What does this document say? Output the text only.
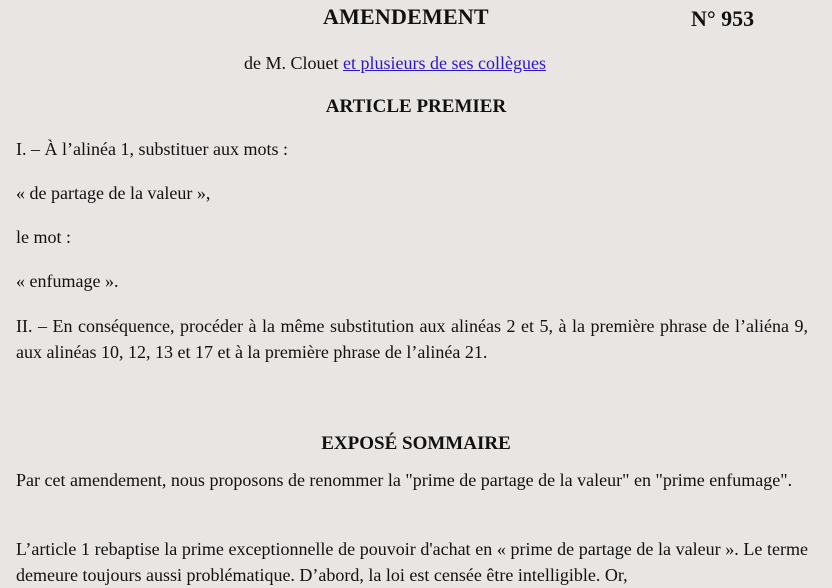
AMENDEMENT	N° 953
de M. Clouet et plusieurs de ses collègues
ARTICLE PREMIER
I. – À l’alinéa 1, substituer aux mots :
« de partage de la valeur »,
le mot :
« enfumage ».
II. – En conséquence, procéder à la même substitution aux alinéas 2 et 5, à la première phrase de l’aliéna 9, aux alinéas 10, 12, 13 et 17 et à la première phrase de l’alinéa 21.
EXPOSÉ SOMMAIRE
Par cet amendement, nous proposons de renommer la "prime de partage de la valeur" en "prime enfumage".
L’article 1 rebaptise la prime exceptionnelle de pouvoir d'achat en « prime de partage de la valeur ». Le terme demeure toujours aussi problématique. D’abord, la loi est censée être intelligible. Or,
